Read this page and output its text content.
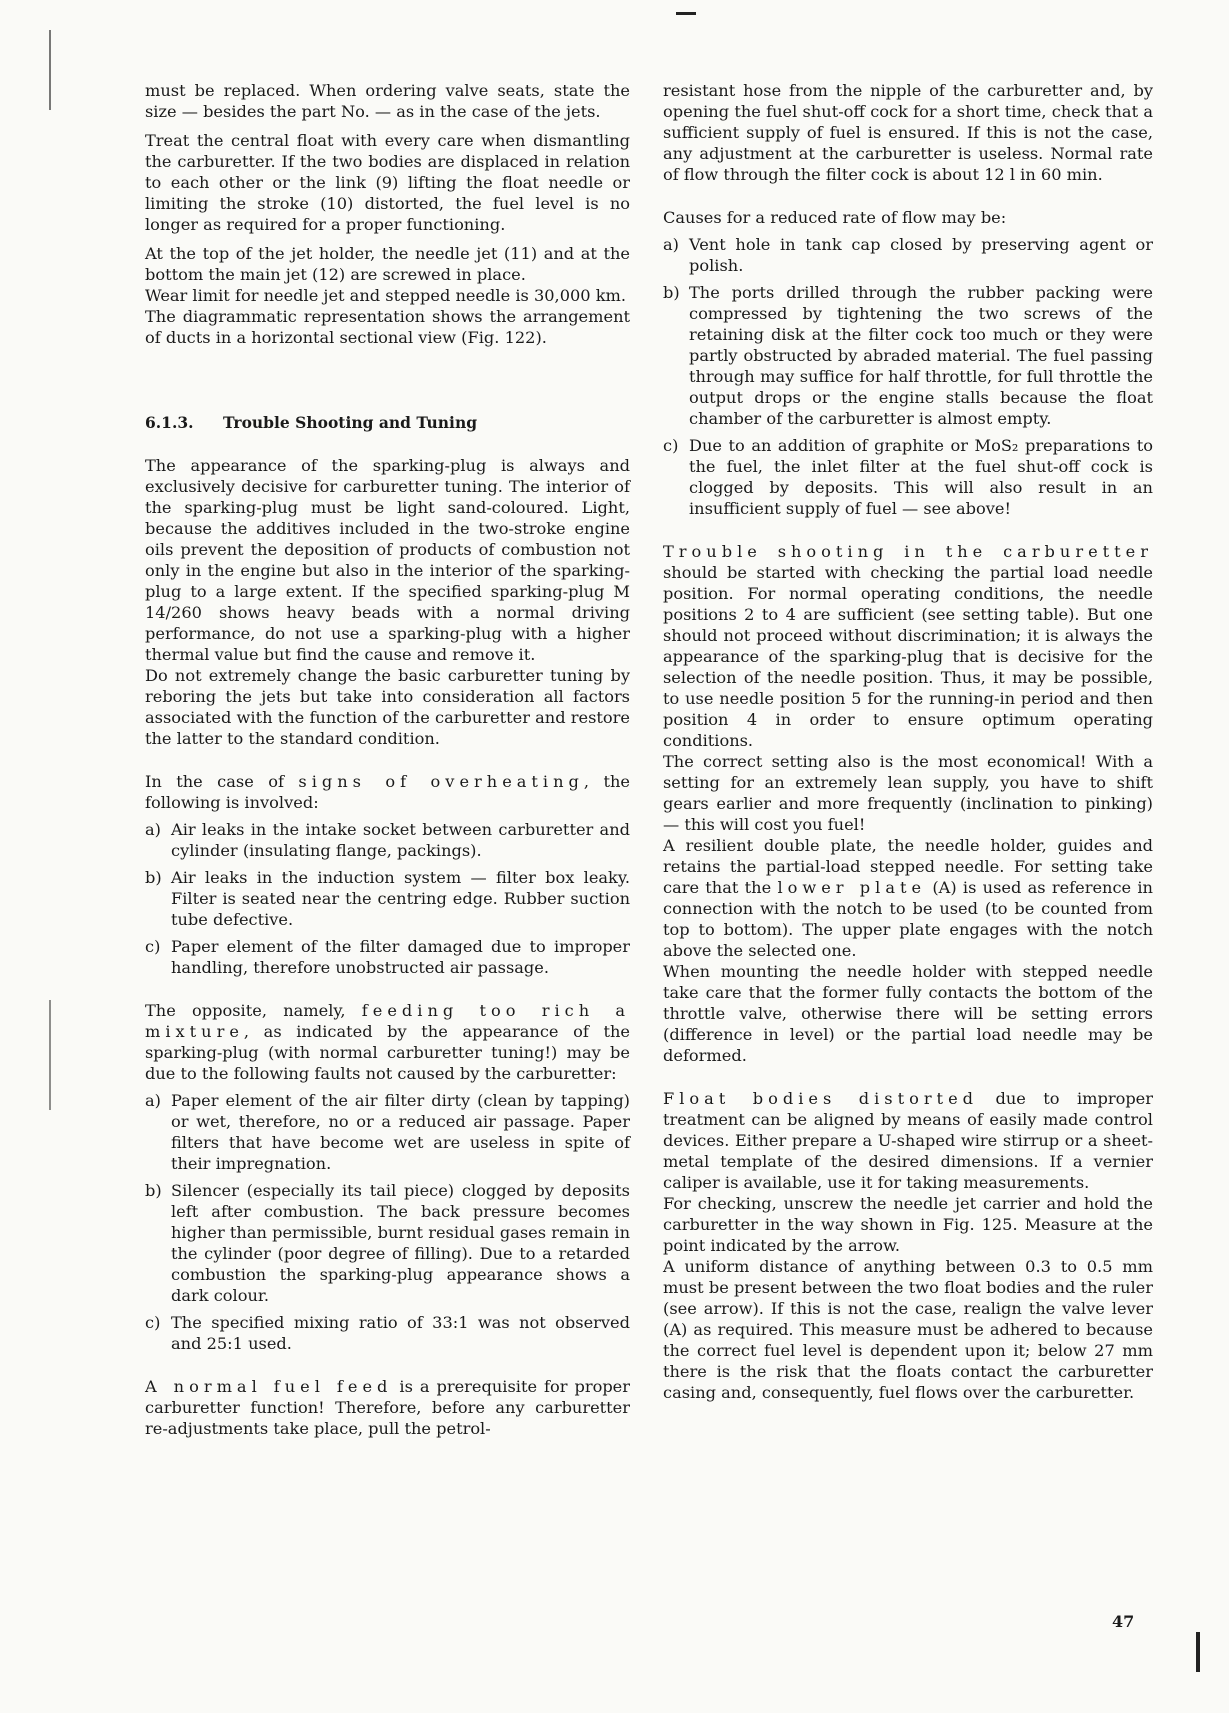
must be replaced. When ordering valve seats, state the size — besides the part No. — as in the case of the jets.

Treat the central float with every care when dismantling the carburetter. If the two bodies are displaced in relation to each other or the link (9) lifting the float needle or limiting the stroke (10) distorted, the fuel level is no longer as required for a proper functioning.

At the top of the jet holder, the needle jet (11) and at the bottom the main jet (12) are screwed in place.

Wear limit for needle jet and stepped needle is 30,000 km.

The diagrammatic representation shows the arrangement of ducts in a horizontal sectional view (Fig. 122).

6.1.3. Trouble Shooting and Tuning

The appearance of the sparking-plug is always and exclusively decisive for carburetter tuning. The interior of the sparking-plug must be light sand-coloured. Light, because the additives included in the two-stroke engine oils prevent the deposition of products of combustion not only in the engine but also in the interior of the sparking-plug to a large extent. If the specified sparking-plug M 14/260 shows heavy beads with a normal driving performance, do not use a sparking-plug with a higher thermal value but find the cause and remove it.

Do not extremely change the basic carburetter tuning by reboring the jets but take into consideration all factors associated with the function of the carburetter and restore the latter to the standard condition.

In the case of signs of overheating, the following is involved:

a) Air leaks in the intake socket between carburetter and cylinder (insulating flange, packings).
b) Air leaks in the induction system — filter box leaky. Filter is seated near the centring edge. Rubber suction tube defective.
c) Paper element of the filter damaged due to improper handling, therefore unobstructed air passage.

The opposite, namely, feeding too rich a mixture, as indicated by the appearance of the sparking-plug (with normal carburetter tuning!) may be due to the following faults not caused by the carburetter:

a) Paper element of the air filter dirty (clean by tapping) or wet, therefore, no or a reduced air passage. Paper filters that have become wet are useless in spite of their impregnation.
b) Silencer (especially its tail piece) clogged by deposits left after combustion. The back pressure becomes higher than permissible, burnt residual gases remain in the cylinder (poor degree of filling). Due to a retarded combustion the sparking-plug appearance shows a dark colour.
c) The specified mixing ratio of 33:1 was not observed and 25:1 used.

A normal fuel feed is a prerequisite for proper carburetter function! Therefore, before any carburetter re-adjustments take place, pull the petrol-

resistant hose from the nipple of the carburetter and, by opening the fuel shut-off cock for a short time, check that a sufficient supply of fuel is ensured. If this is not the case, any adjustment at the carburetter is useless. Normal rate of flow through the filter cock is about 12 l in 60 min.

Causes for a reduced rate of flow may be:

a) Vent hole in tank cap closed by preserving agent or polish.
b) The ports drilled through the rubber packing were compressed by tightening the two screws of the retaining disk at the filter cock too much or they were partly obstructed by abraded material. The fuel passing through may suffice for half throttle, for full throttle the output drops or the engine stalls because the float chamber of the carburetter is almost empty.
c) Due to an addition of graphite or MoS₂ preparations to the fuel, the inlet filter at the fuel shut-off cock is clogged by deposits. This will also result in an insufficient supply of fuel — see above!

Trouble shooting in the carburetter should be started with checking the partial load needle position. For normal operating conditions, the needle positions 2 to 4 are sufficient (see setting table). But one should not proceed without discrimination; it is always the appearance of the sparking-plug that is decisive for the selection of the needle position. Thus, it may be possible, to use needle position 5 for the running-in period and then position 4 in order to ensure optimum operating conditions.

The correct setting also is the most economical! With a setting for an extremely lean supply, you have to shift gears earlier and more frequently (inclination to pinking) — this will cost you fuel!

A resilient double plate, the needle holder, guides and retains the partial-load stepped needle. For setting take care that the lower plate (A) is used as reference in connection with the notch to be used (to be counted from top to bottom). The upper plate engages with the notch above the selected one.

When mounting the needle holder with stepped needle take care that the former fully contacts the bottom of the throttle valve, otherwise there will be setting errors (difference in level) or the partial load needle may be deformed.

Float bodies distorted due to improper treatment can be aligned by means of easily made control devices. Either prepare a U-shaped wire stirrup or a sheet-metal template of the desired dimensions. If a vernier caliper is available, use it for taking measurements.

For checking, unscrew the needle jet carrier and hold the carburetter in the way shown in Fig. 125. Measure at the point indicated by the arrow.

A uniform distance of anything between 0.3 to 0.5 mm must be present between the two float bodies and the ruler (see arrow). If this is not the case, realign the valve lever (A) as required. This measure must be adhered to because the correct fuel level is dependent upon it; below 27 mm there is the risk that the floats contact the carburetter casing and, consequently, fuel flows over the carburetter.

47
